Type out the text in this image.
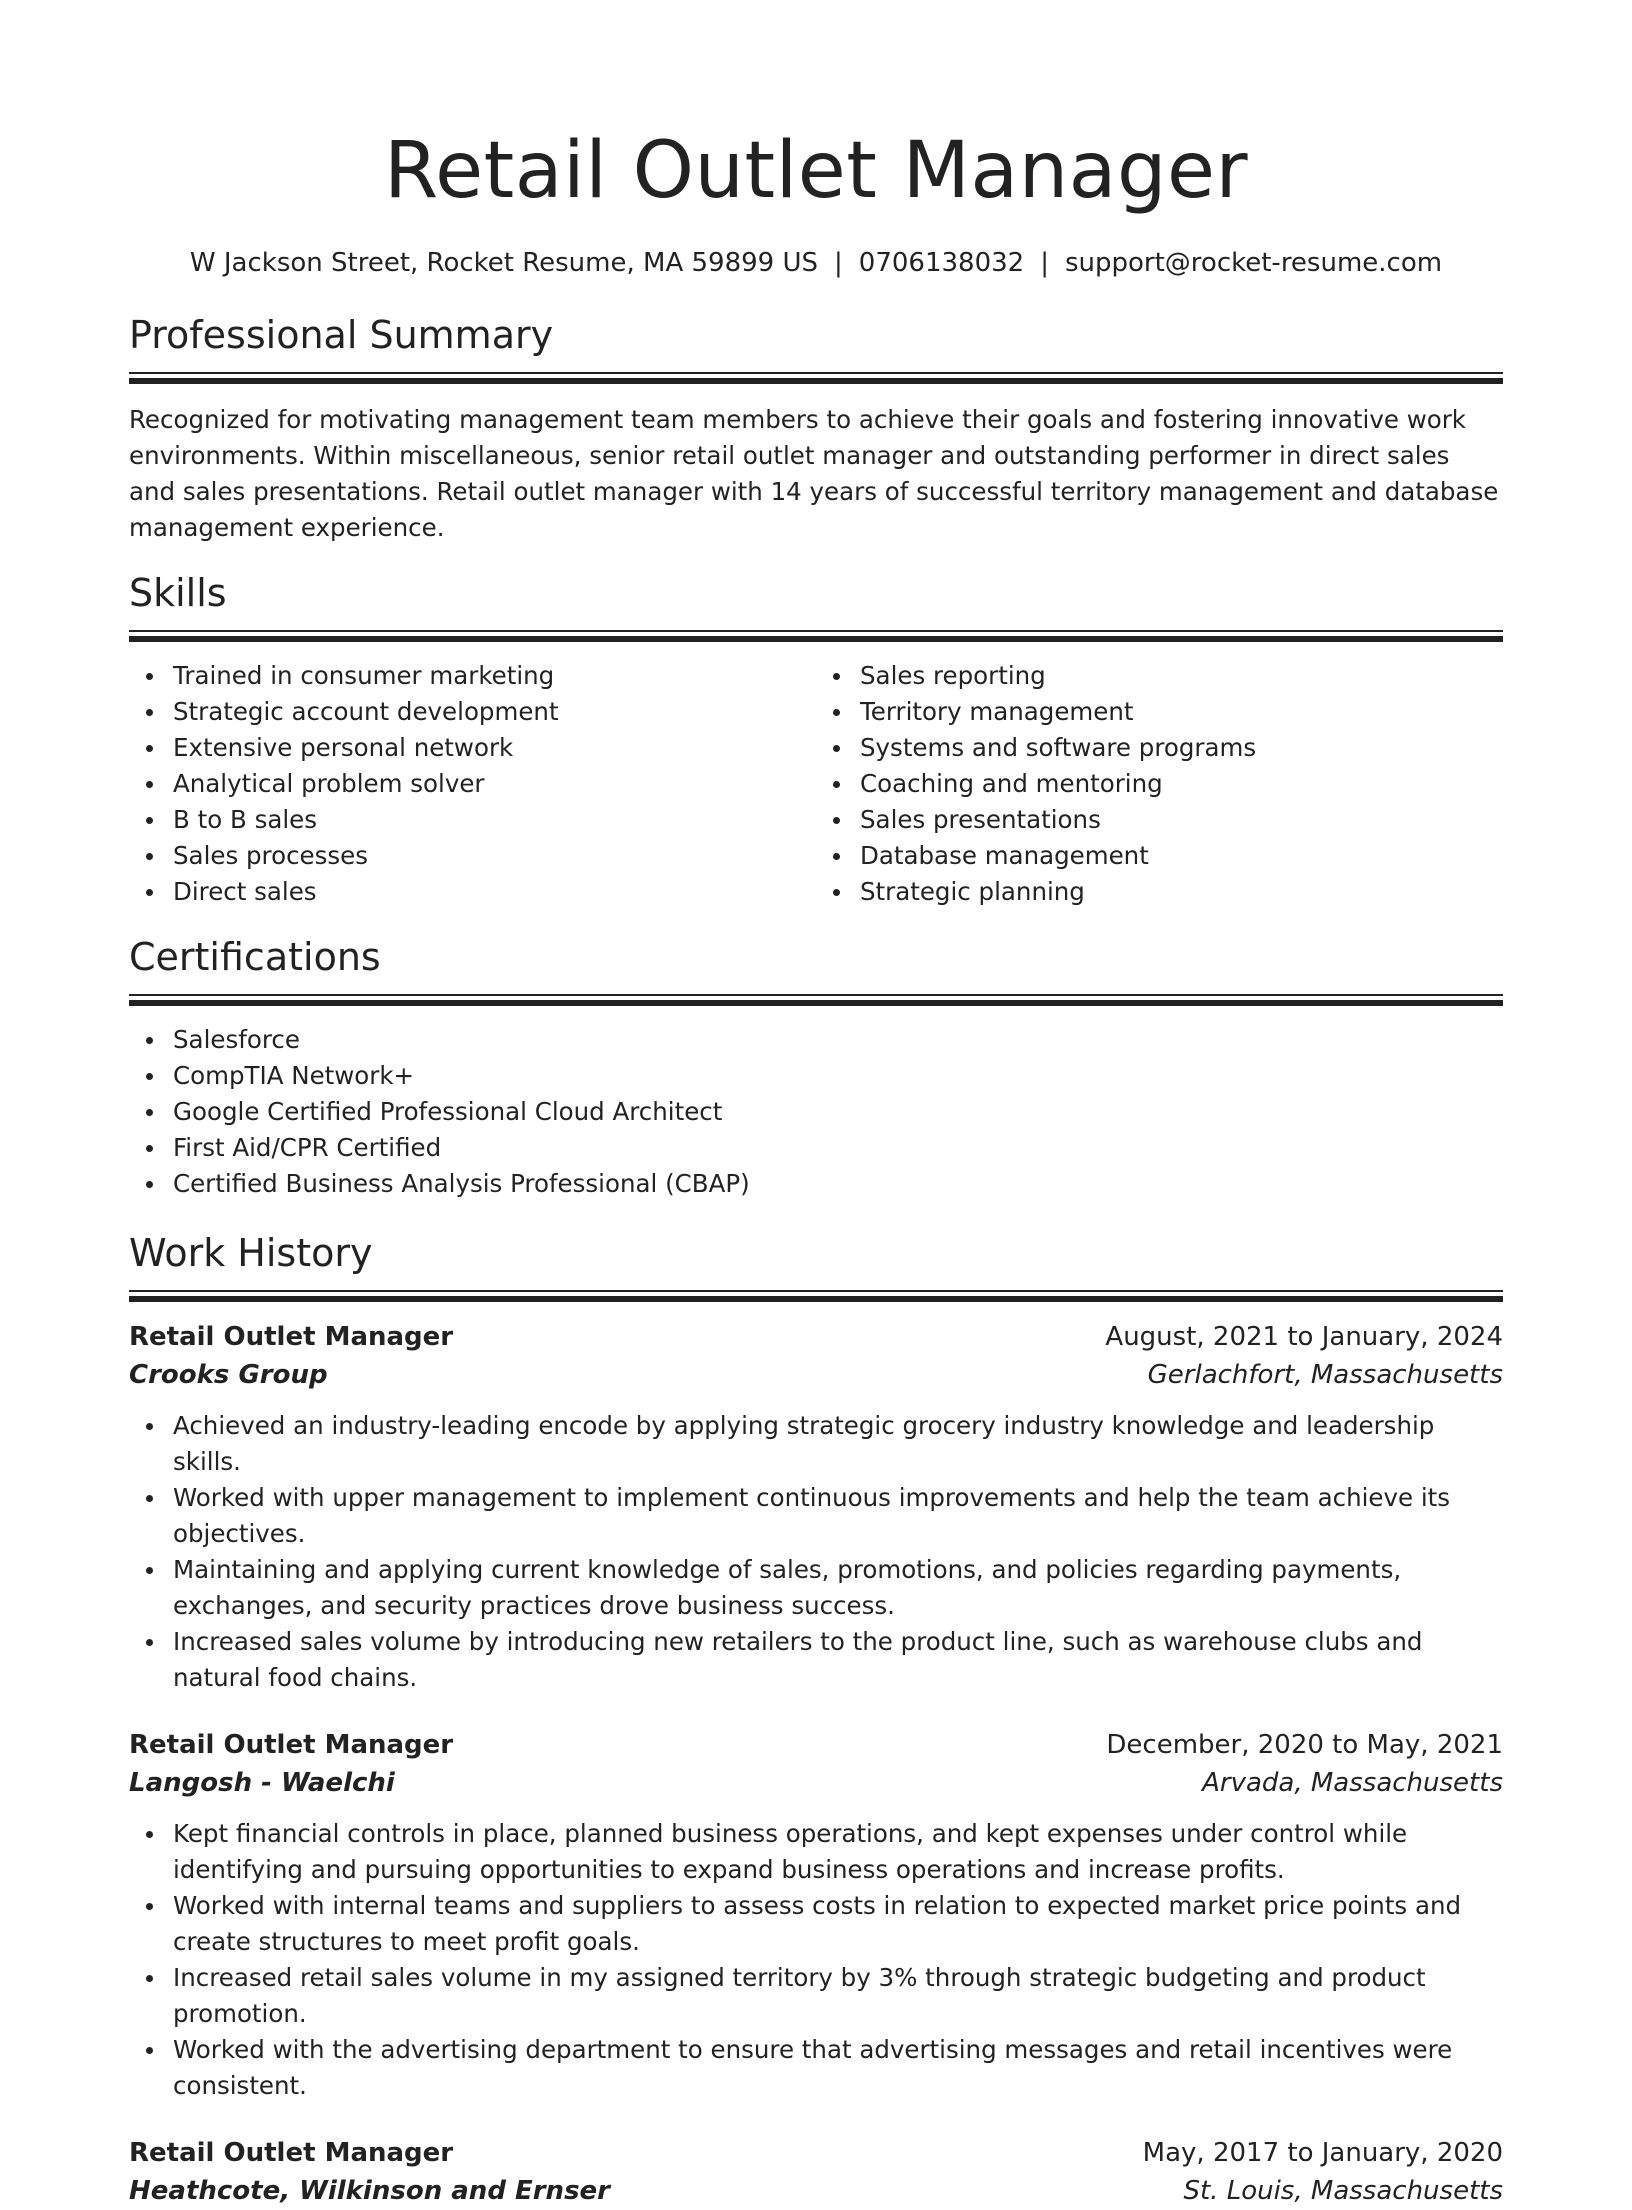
Retail Outlet Manager
W Jackson Street, Rocket Resume, MA 59899 US | 0706138032 | support@rocket-resume.com
Professional Summary

Recognized for motivating management team members to achieve their goals and fostering innovative work environments. Within miscellaneous, senior retail outlet manager and outstanding performer in direct sales and sales presentations. Retail outlet manager with 14 years of successful territory management and database management experience.

Skills
Trained in consumer marketing
Strategic account development
Extensive personal network
Analytical problem solver
B to B sales
Sales processes
Direct sales
Sales reporting
Territory management
Systems and software programs
Coaching and mentoring
Sales presentations
Database management
Strategic planning
Certifications
Salesforce
CompTIA Network+
Google Certified Professional Cloud Architect
First Aid/CPR Certified
Certified Business Analysis Professional (CBAP)
Work History
Retail Outlet Manager	August, 2021 to January, 2024
Crooks Group	Gerlachfort, Massachusetts
Achieved an industry-leading encode by applying strategic grocery industry knowledge and leadership skills.
Worked with upper management to implement continuous improvements and help the team achieve its objectives.
Maintaining and applying current knowledge of sales, promotions, and policies regarding payments, exchanges, and security practices drove business success.
Increased sales volume by introducing new retailers to the product line, such as warehouse clubs and natural food chains.
Retail Outlet Manager	December, 2020 to May, 2021
Langosh - Waelchi	Arvada, Massachusetts
Kept financial controls in place, planned business operations, and kept expenses under control while identifying and pursuing opportunities to expand business operations and increase profits.
Worked with internal teams and suppliers to assess costs in relation to expected market price points and create structures to meet profit goals.
Increased retail sales volume in my assigned territory by 3% through strategic budgeting and product promotion.
Worked with the advertising department to ensure that advertising messages and retail incentives were consistent.
Retail Outlet Manager	May, 2017 to January, 2020
Heathcote, Wilkinson and Ernser	St. Louis, Massachusetts
